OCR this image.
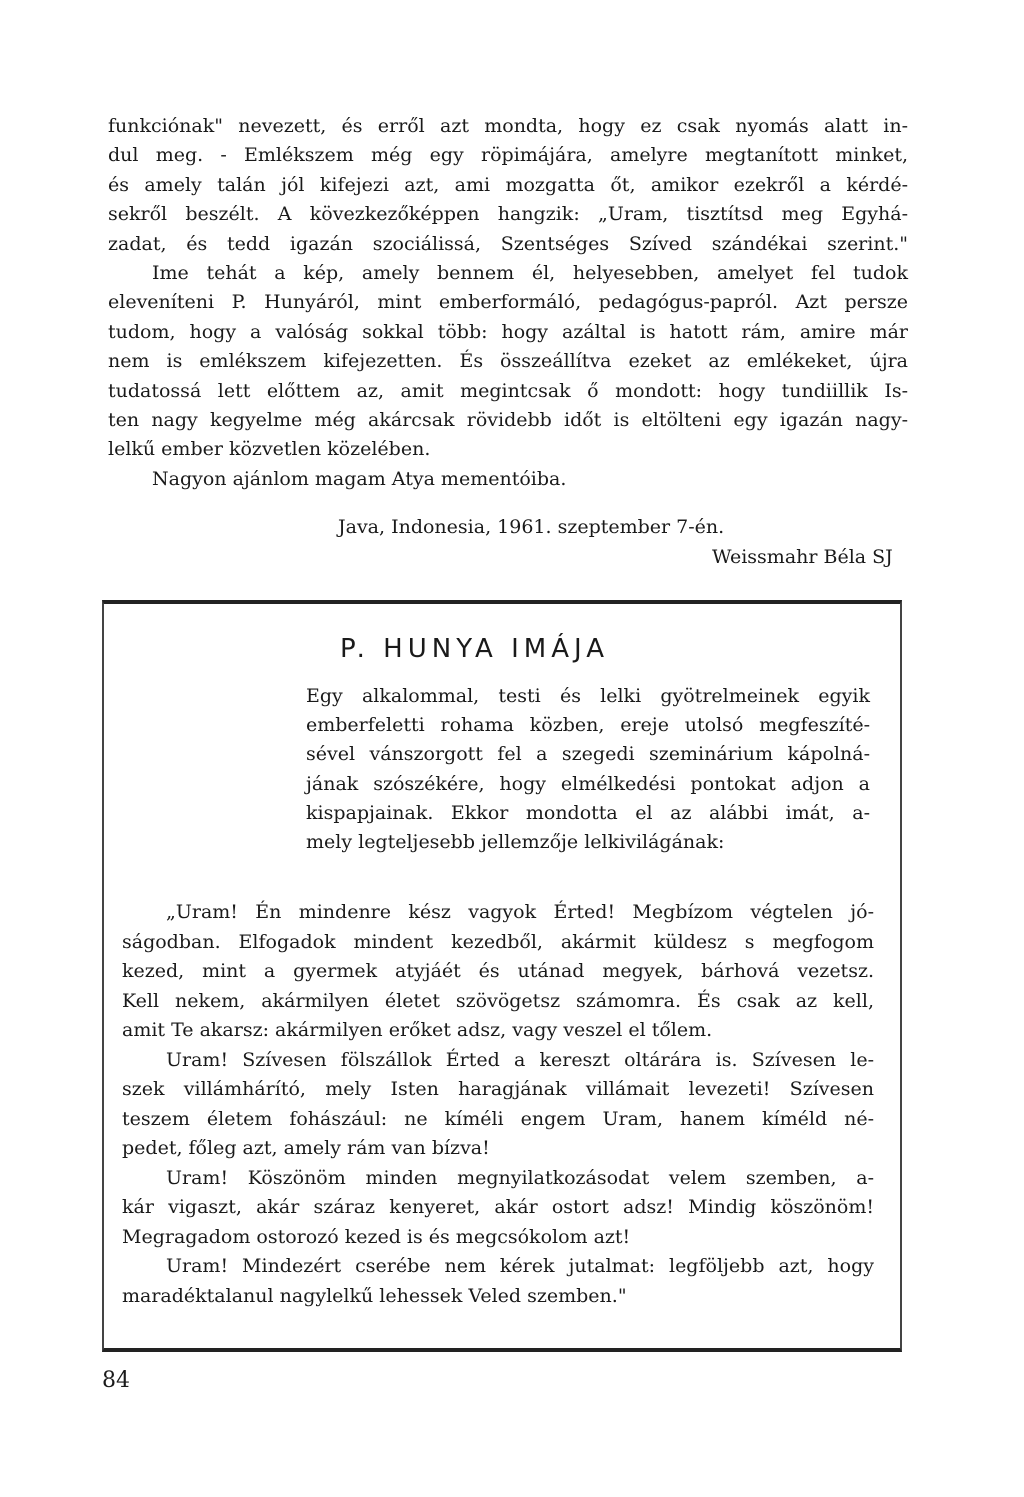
funkciónak" nevezett, és erről azt mondta, hogy ez csak nyomás alatt in-
dul meg. - Emlékszem még egy röpimájára, amelyre megtanított minket,
és amely talán jól kifejezi azt, ami mozgatta őt, amikor ezekről a kérdé-
sekről beszélt. A kövezkezőképpen hangzik: „Uram, tisztítsd meg Egyhá-
zadat, és tedd igazán szociálissá, Szentséges Szíved szándékai szerint."
Ime tehát a kép, amely bennem él, helyesebben, amelyet fel tudok
eleveníteni P. Hunyáról, mint emberformáló, pedagógus-papról. Azt persze
tudom, hogy a valóság sokkal több: hogy azáltal is hatott rám, amire már
nem is emlékszem kifejezetten. És összeállítva ezeket az emlékeket, újra
tudatossá lett előttem az, amit megintcsak ő mondott: hogy tundiillik Is-
ten nagy kegyelme még akárcsak rövidebb időt is eltölteni egy igazán nagy-
lelkű ember közvetlen közelében.
Nagyon ajánlom magam Atya mementóiba.
Java, Indonesia, 1961. szeptember 7-én.
Weissmahr Béla SJ
P. HUNYA IMÁJA
Egy alkalommal, testi és lelki gyötrelmeinek egyik
emberfeletti rohama közben, ereje utolsó megfeszíté-
sével vánszorgott fel a szegedi szeminárium kápolná-
jának szószékére, hogy elmélkedési pontokat adjon a
kispapjainak. Ekkor mondotta el az alábbi imát, a-
mely legteljesebb jellemzője lelkivilágának:
„Uram! Én mindenre kész vagyok Érted! Megbízom végtelen jó-
ságodban. Elfogadok mindent kezedből, akármit küldesz s megfogom
kezed, mint a gyermek atyjáét és utánad megyek, bárhová vezetsz.
Kell nekem, akármilyen életet szövögetsz számomra. És csak az kell,
amit Te akarsz: akármilyen erőket adsz, vagy veszel el tőlem.
Uram! Szívesen fölszállok Érted a kereszt oltárára is. Szívesen le-
szek villámhárító, mely Isten haragjának villámait levezeti! Szívesen
teszem életem fohászául: ne kíméli engem Uram, hanem kíméld né-
pedet, főleg azt, amely rám van bízva!
Uram! Köszönöm minden megnyilatkozásodat velem szemben, a-
kár vigaszt, akár száraz kenyeret, akár ostort adsz! Mindig köszönöm!
Megragadom ostorozó kezed is és megcsókolom azt!
Uram! Mindezért cserébe nem kérek jutalmat: legföljebb azt, hogy
maradéktalanul nagylelkű lehessek Veled szemben."
84
